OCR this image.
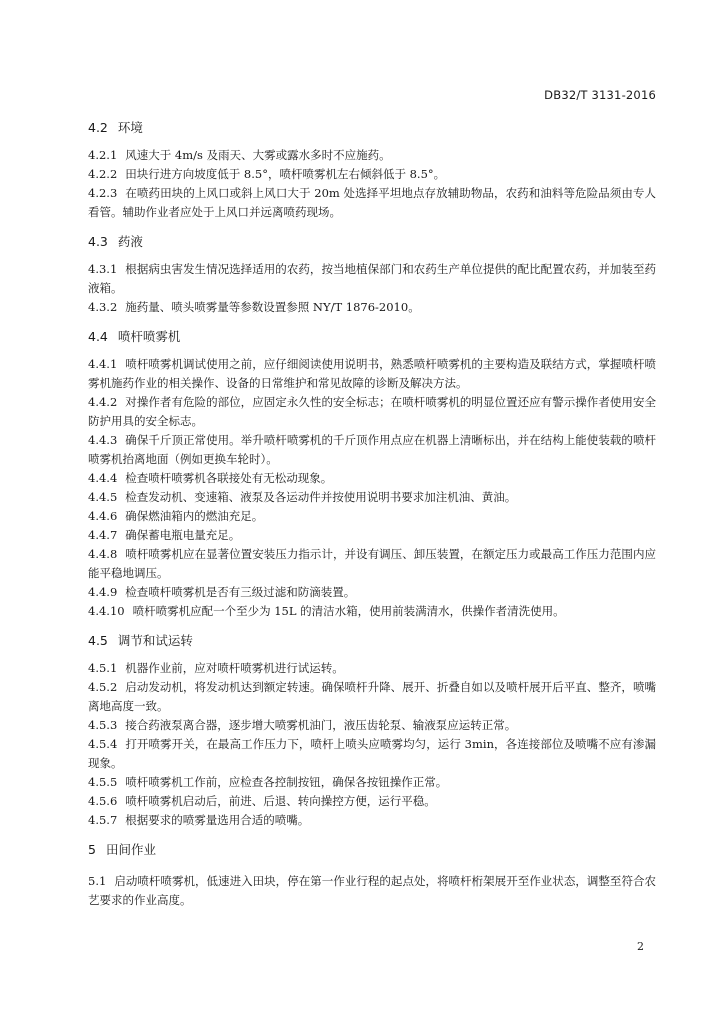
DB32/T 3131-2016
4.2 环境

4.2.1 风速大于 4m/s 及雨天、大雾或露水多时不应施药。

4.2.2 田块行进方向坡度低于 8.5°，喷杆喷雾机左右倾斜低于 8.5°。

4.2.3 在喷药田块的上风口或斜上风口大于 20m 处选择平坦地点存放辅助物品，农药和油料等危险品须由专人看管。辅助作业者应处于上风口并远离喷药现场。

4.3 药液

4.3.1 根据病虫害发生情况选择适用的农药，按当地植保部门和农药生产单位提供的配比配置农药，并加装至药液箱。

4.3.2 施药量、喷头喷雾量等参数设置参照 NY/T 1876-2010。

4.4 喷杆喷雾机

4.4.1 喷杆喷雾机调试使用之前，应仔细阅读使用说明书，熟悉喷杆喷雾机的主要构造及联结方式，掌握喷杆喷雾机施药作业的相关操作、设备的日常维护和常见故障的诊断及解决方法。

4.4.2 对操作者有危险的部位，应固定永久性的安全标志；在喷杆喷雾机的明显位置还应有警示操作者使用安全防护用具的安全标志。

4.4.3 确保千斤顶正常使用。举升喷杆喷雾机的千斤顶作用点应在机器上清晰标出，并在结构上能使装载的喷杆喷雾机抬离地面（例如更换车轮时）。

4.4.4 检查喷杆喷雾机各联接处有无松动现象。

4.4.5 检查发动机、变速箱、液泵及各运动件并按使用说明书要求加注机油、黄油。

4.4.6 确保燃油箱内的燃油充足。

4.4.7 确保蓄电瓶电量充足。

4.4.8 喷杆喷雾机应在显著位置安装压力指示计，并设有调压、卸压装置，在额定压力或最高工作压力范围内应能平稳地调压。

4.4.9 检查喷杆喷雾机是否有三级过滤和防滴装置。

4.4.10 喷杆喷雾机应配一个至少为 15L 的清洁水箱，使用前装满清水，供操作者清洗使用。

4.5 调节和试运转

4.5.1 机器作业前，应对喷杆喷雾机进行试运转。

4.5.2 启动发动机，将发动机达到额定转速。确保喷杆升降、展开、折叠自如以及喷杆展开后平直、整齐，喷嘴离地高度一致。

4.5.3 接合药液泵离合器，逐步增大喷雾机油门，液压齿轮泵、输液泵应运转正常。

4.5.4 打开喷雾开关，在最高工作压力下，喷杆上喷头应喷雾均匀，运行 3min，各连接部位及喷嘴不应有渗漏现象。

4.5.5 喷杆喷雾机工作前，应检查各控制按钮，确保各按钮操作正常。

4.5.6 喷杆喷雾机启动后，前进、后退、转向操控方便，运行平稳。

4.5.7 根据要求的喷雾量选用合适的喷嘴。

5 田间作业

5.1 启动喷杆喷雾机，低速进入田块，停在第一作业行程的起点处，将喷杆桁架展开至作业状态，调整至符合农艺要求的作业高度。

2
